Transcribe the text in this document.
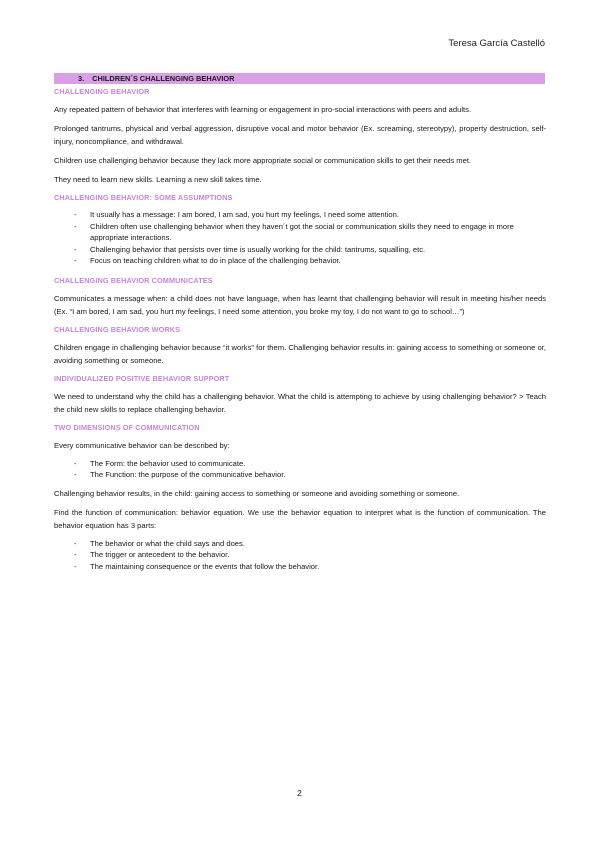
Teresa García Castelló
3. CHILDREN´S CHALLENGING BEHAVIOR
CHALLENGING BEHAVIOR

Any repeated pattern of behavior that interferes with learning or engagement in pro-social interactions with peers and adults.

Prolonged tantrums, physical and verbal aggression, disruptive vocal and motor behavior (Ex. screaming, stereotypy), property destruction, self-injury, noncompliance, and withdrawal.

Children use challenging behavior because they lack more appropriate social or communication skills to get their needs met.

They need to learn new skills. Learning a new skill takes time.

CHALLENGING BEHAVIOR: SOME ASSUMPTIONS
- It usually has a message: I am bored, I am sad, you hurt my feelings, I need some attention.
- Children often use challenging behavior when they haven´t got the social or communication skills they need to engage in more appropriate interactions.
- Challenging behavior that persists over time is usually working for the child: tantrums, squalling, etc.
- Focus on teaching children what to do in place of the challenging behavior.
CHALLENGING BEHAVIOR COMMUNICATES

Communicates a message when: a child does not have language, when has learnt that challenging behavior will result in meeting his/her needs (Ex. “I am bored, I am sad, you hurt my feelings, I need some attention, you broke my toy, I do not want to go to school…”)

CHALLENGING BEHAVIOR WORKS

Children engage in challenging behavior because “it works” for them. Challenging behavior results in: gaining access to something or someone or, avoiding something or someone.

INDIVIDUALIZED POSITIVE BEHAVIOR SUPPORT

We need to understand why the child has a challenging behavior. What the child is attempting to achieve by using challenging behavior? > Teach the child new skills to replace challenging behavior.

TWO DIMENSIONS OF COMMUNICATION

Every communicative behavior can be described by:

- The Form: the behavior used to communicate.
- The Function: the purpose of the communicative behavior.

Challenging behavior results, in the child: gaining access to something or someone and avoiding something or someone.

Find the function of communication: behavior equation. We use the behavior equation to interpret what is the function of communication. The behavior equation has 3 parts:

- The behavior or what the child says and does.
- The trigger or antecedent to the behavior.
- The maintaining consequence or the events that follow the behavior.
2
